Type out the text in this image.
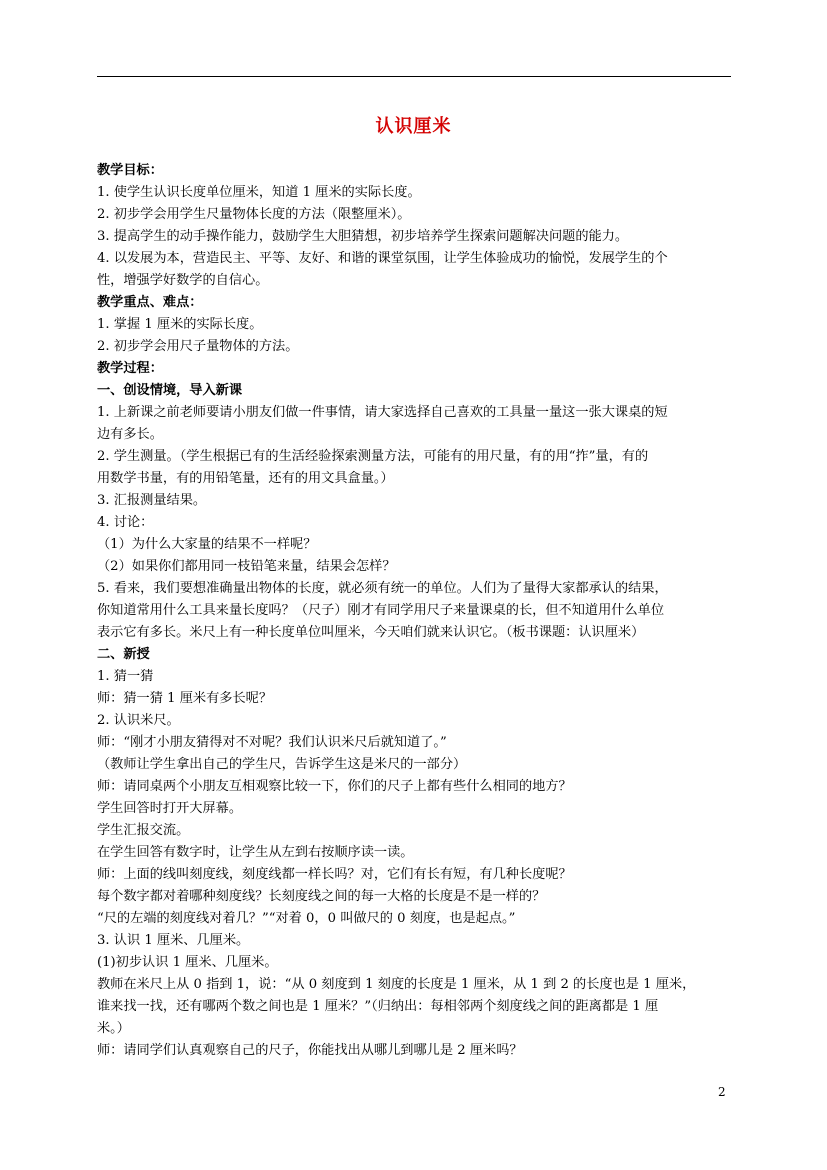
认识厘米
教学目标：
1. 使学生认识长度单位厘米，知道 1 厘米的实际长度。
2. 初步学会用学生尺量物体长度的方法（限整厘米）。
3. 提高学生的动手操作能力，鼓励学生大胆猜想，初步培养学生探索问题解决问题的能力。
4. 以发展为本，营造民主、平等、友好、和谐的课堂氛围，让学生体验成功的愉悦，发展学生的个
性，增强学好数学的自信心。
教学重点、难点：
1. 掌握 1 厘米的实际长度。
2. 初步学会用尺子量物体的方法。
教学过程：
一、创设情境，导入新课
1. 上新课之前老师要请小朋友们做一件事情，请大家选择自己喜欢的工具量一量这一张大课桌的短
边有多长。
2. 学生测量。（学生根据已有的生活经验探索测量方法，可能有的用尺量，有的用“拃”量，有的
用数学书量，有的用铅笔量，还有的用文具盒量。）
3. 汇报测量结果。
4. 讨论：
（1）为什么大家量的结果不一样呢？
（2）如果你们都用同一枝铅笔来量，结果会怎样？
5. 看来，我们要想准确量出物体的长度，就必须有统一的单位。人们为了量得大家都承认的结果，
你知道常用什么工具来量长度吗？（尺子）刚才有同学用尺子来量课桌的长，但不知道用什么单位
表示它有多长。米尺上有一种长度单位叫厘米，今天咱们就来认识它。（板书课题：认识厘米）
二、新授
1. 猜一猜
师：猜一猜 1 厘米有多长呢？
2. 认识米尺。
师：“刚才小朋友猜得对不对呢？我们认识米尺后就知道了。”
（教师让学生拿出自己的学生尺，告诉学生这是米尺的一部分）
师：请同桌两个小朋友互相观察比较一下，你们的尺子上都有些什么相同的地方？
学生回答时打开大屏幕。
学生汇报交流。
在学生回答有数字时，让学生从左到右按顺序读一读。
师：上面的线叫刻度线，刻度线都一样长吗？对，它们有长有短，有几种长度呢？
每个数字都对着哪种刻度线？长刻度线之间的每一大格的长度是不是一样的？
“尺的左端的刻度线对着几？”“对着 0，0 叫做尺的 0 刻度，也是起点。”
3. 认识 1 厘米、几厘米。
(1)初步认识 1 厘米、几厘米。
教师在米尺上从 0 指到 1，说：“从 0 刻度到 1 刻度的长度是 1 厘米，从 1 到 2 的长度也是 1 厘米，
谁来找一找，还有哪两个数之间也是 1 厘米？”（归纳出：每相邻两个刻度线之间的距离都是 1 厘
米。）
师：请同学们认真观察自己的尺子，你能找出从哪儿到哪儿是 2 厘米吗？
2
